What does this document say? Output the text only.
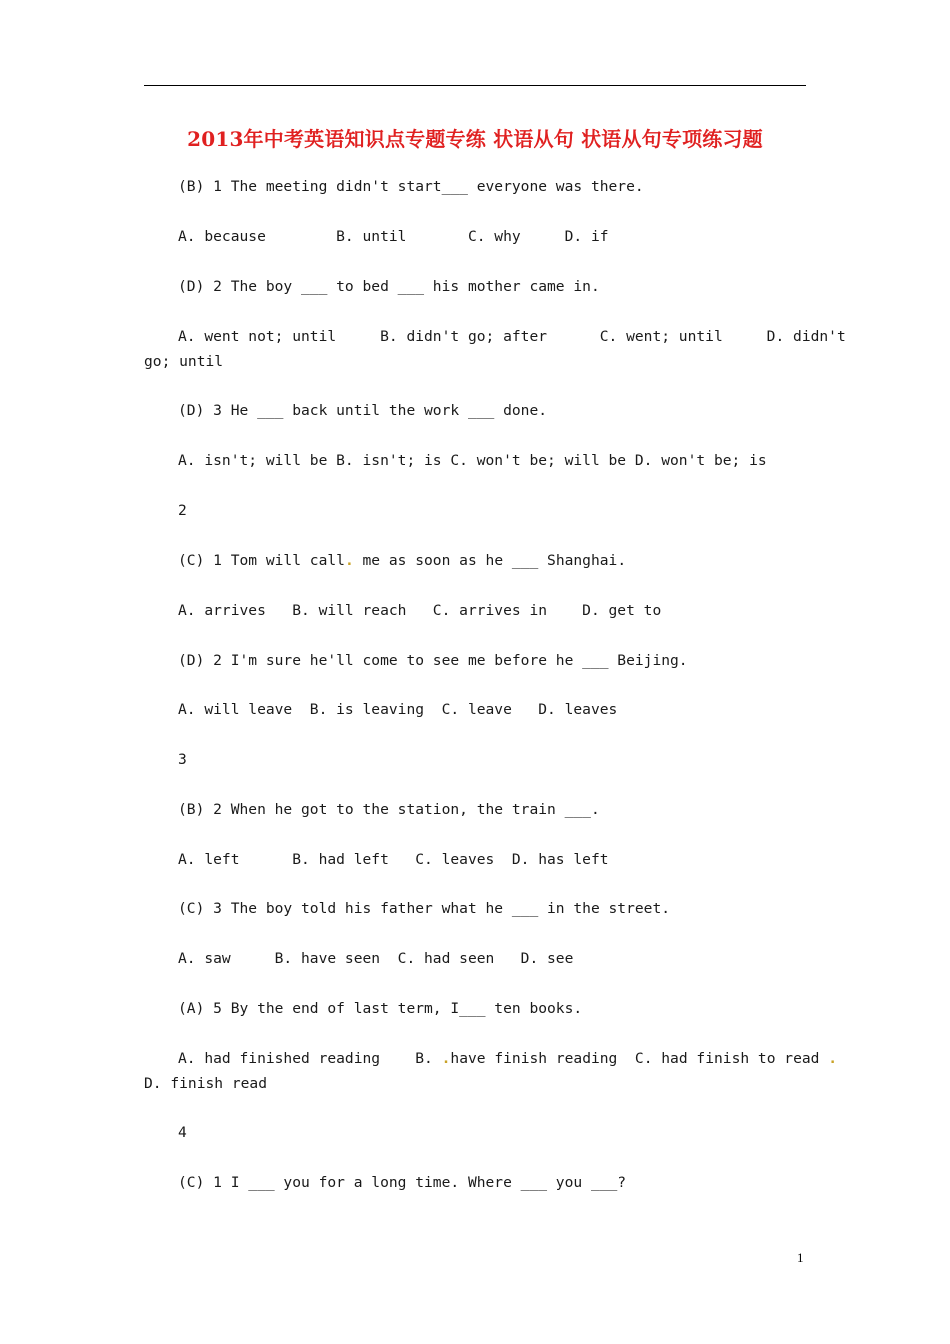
2013年中考英语知识点专题专练 状语从句 状语从句专项练习题
(B) 1 The meeting didn't start___ everyone was there.
A. because        B. until       C. why     D. if
(D) 2 The boy ___ to bed ___ his mother came in.
A. went not; until     B. didn't go; after      C. went; until     D. didn't
go; until
(D) 3 He ___ back until the work ___ done.
A. isn't; will be B. isn't; is C. won't be; will be D. won't be; is
2
(C) 1 Tom will call. me as soon as he ___ Shanghai.
A. arrives   B. will reach   C. arrives in    D. get to
(D) 2 I'm sure he'll come to see me before he ___ Beijing.
A. will leave  B. is leaving  C. leave   D. leaves
3
(B) 2 When he got to the station, the train ___.
A. left      B. had left   C. leaves  D. has left
(C) 3 The boy told his father what he ___ in the street.
A. saw     B. have seen  C. had seen   D. see
(A) 5 By the end of last term, I___ ten books.
A. had finished reading    B. .have finish reading  C. had finish to read .
D. finish read
4
(C) 1 I ___ you for a long time. Where ___ you ___?
1
